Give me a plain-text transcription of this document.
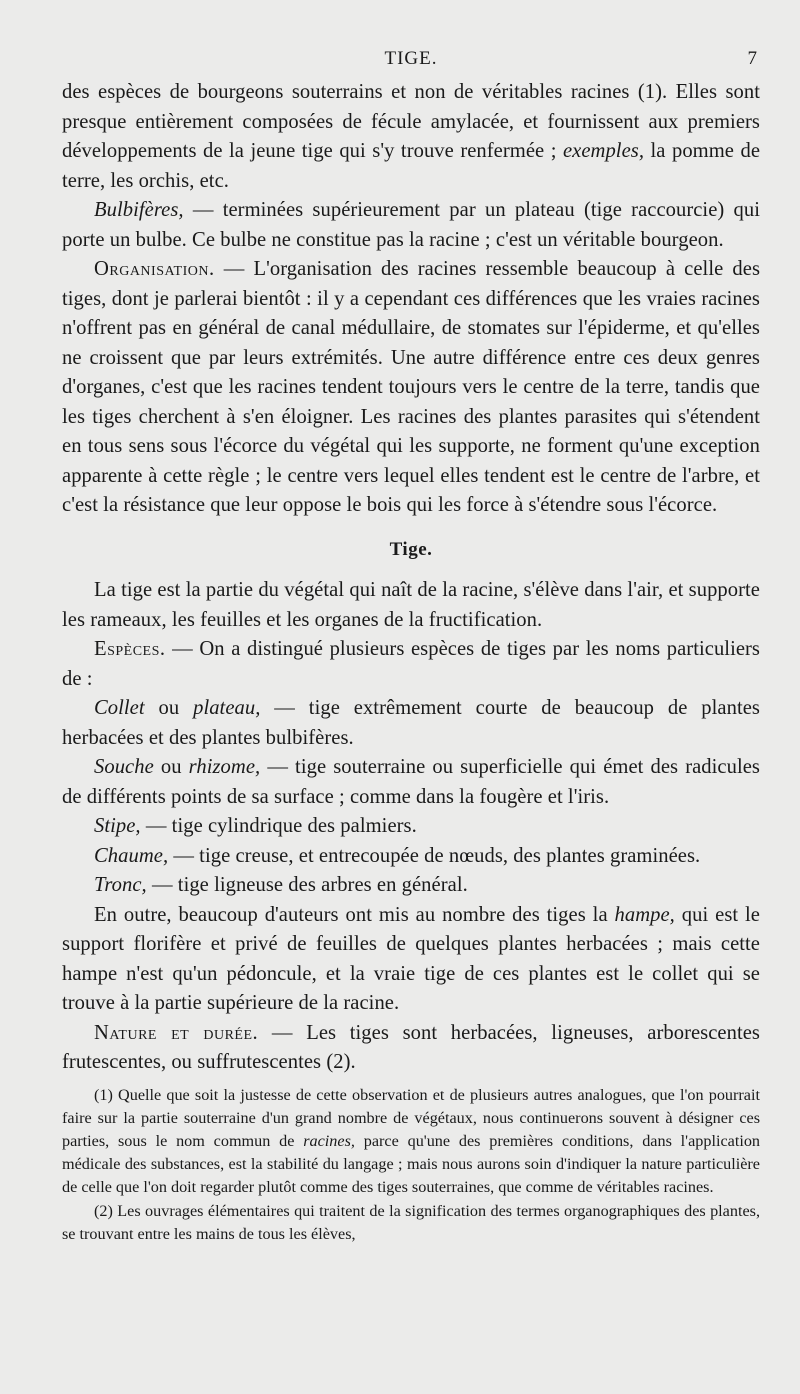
TIGE.	7

des espèces de bourgeons souterrains et non de véritables racines (1). Elles sont presque entièrement composées de fécule amylacée, et fournissent aux premiers développements de la jeune tige qui s'y trouve renfermée ; exemples, la pomme de terre, les orchis, etc.

Bulbifères, — terminées supérieurement par un plateau (tige raccourcie) qui porte un bulbe. Ce bulbe ne constitue pas la racine ; c'est un véritable bourgeon.

Organisation. — L'organisation des racines ressemble beaucoup à celle des tiges, dont je parlerai bientôt : il y a cependant ces différences que les vraies racines n'offrent pas en général de canal médullaire, de stomates sur l'épiderme, et qu'elles ne croissent que par leurs extrémités. Une autre différence entre ces deux genres d'organes, c'est que les racines tendent toujours vers le centre de la terre, tandis que les tiges cherchent à s'en éloigner. Les racines des plantes parasites qui s'étendent en tous sens sous l'écorce du végétal qui les supporte, ne forment qu'une exception apparente à cette règle ; le centre vers lequel elles tendent est le centre de l'arbre, et c'est la résistance que leur oppose le bois qui les force à s'étendre sous l'écorce.

Tige.

La tige est la partie du végétal qui naît de la racine, s'élève dans l'air, et supporte les rameaux, les feuilles et les organes de la fructification.

Espèces. — On a distingué plusieurs espèces de tiges par les noms particuliers de :

Collet ou plateau, — tige extrêmement courte de beaucoup de plantes herbacées et des plantes bulbifères.

Souche ou rhizome, — tige souterraine ou superficielle qui émet des radicules de différents points de sa surface ; comme dans la fougère et l'iris.

Stipe, — tige cylindrique des palmiers.

Chaume, — tige creuse, et entrecoupée de nœuds, des plantes graminées.

Tronc, — tige ligneuse des arbres en général.

En outre, beaucoup d'auteurs ont mis au nombre des tiges la hampe, qui est le support florifère et privé de feuilles de quelques plantes herbacées ; mais cette hampe n'est qu'un pédoncule, et la vraie tige de ces plantes est le collet qui se trouve à la partie supérieure de la racine.

Nature et durée. — Les tiges sont herbacées, ligneuses, arborescentes frutescentes, ou suffrutescentes (2).

(1) Quelle que soit la justesse de cette observation et de plusieurs autres analogues, que l'on pourrait faire sur la partie souterraine d'un grand nombre de végétaux, nous continuerons souvent à désigner ces parties, sous le nom commun de racines, parce qu'une des premières conditions, dans l'application médicale des substances, est la stabilité du langage ; mais nous aurons soin d'indiquer la nature particulière de celle que l'on doit regarder plutôt comme des tiges souterraines, que comme de véritables racines.

(2) Les ouvrages élémentaires qui traitent de la signification des termes organographiques des plantes, se trouvant entre les mains de tous les élèves,
